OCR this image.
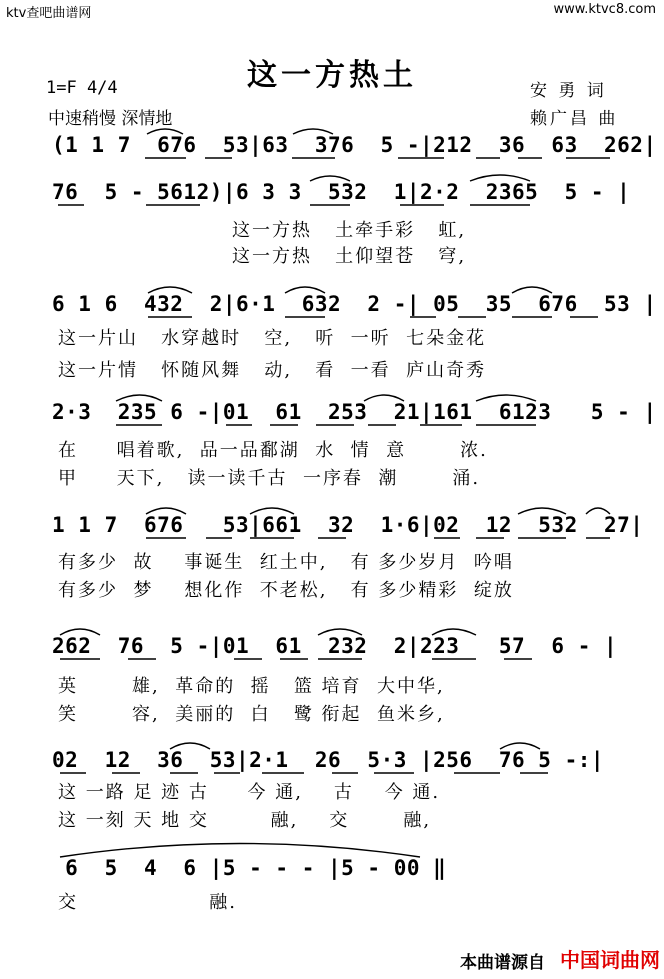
ktv查吧曲谱网	www.ktvc8.com
这一方热土
1=F 4/4
中速稍慢 深情地
安 勇 词
赖广昌 曲
(1 1 7  676  53|63  376  5 -|212  36  63  262|
76  5 - 5612)|6 3 3  532  1|2·2  2365  5 - |
这一方热   土牵手彩   虹,
这一方热   土仰望苍   穹,
6 1 6  432  2|6·1  632  2 -| 05  35  676  53 |
这一片山   水穿越时   空,   听  一听  七朵金花
这一片情   怀随风舞   动,   看  一看  庐山奇秀
2·3  235 6 -|01  61  253  21|161  6123   5 - |
在     唱着歌,  品一品鄱湖  水  情  意       浓.
甲     天下,   读一读千古  一序春  潮       涌.
1 1 7  676   53|661  32  1·6|02  12  532  27|
有多少  故    事诞生  红土中,   有 多少岁月  吟唱
有多少  梦    想化作  不老松,   有 多少精彩  绽放
262  76  5 -|01  61  232  2|223   57  6 - |
英       雄,  革命的  摇   篮 培育  大中华,
笑       容,  美丽的  白   鹭 衔起  鱼米乡,
02  12  36  53|2·1  26  5·3 |256  76 5 -:|
这 一路 足 迹 古     今 通,    古    今 通.
这 一刻 天 地 交        融,    交       融,
6  5  4  6 |5 - - - |5 - 00 ‖
交                 融.
本曲谱源自 中国词曲网
